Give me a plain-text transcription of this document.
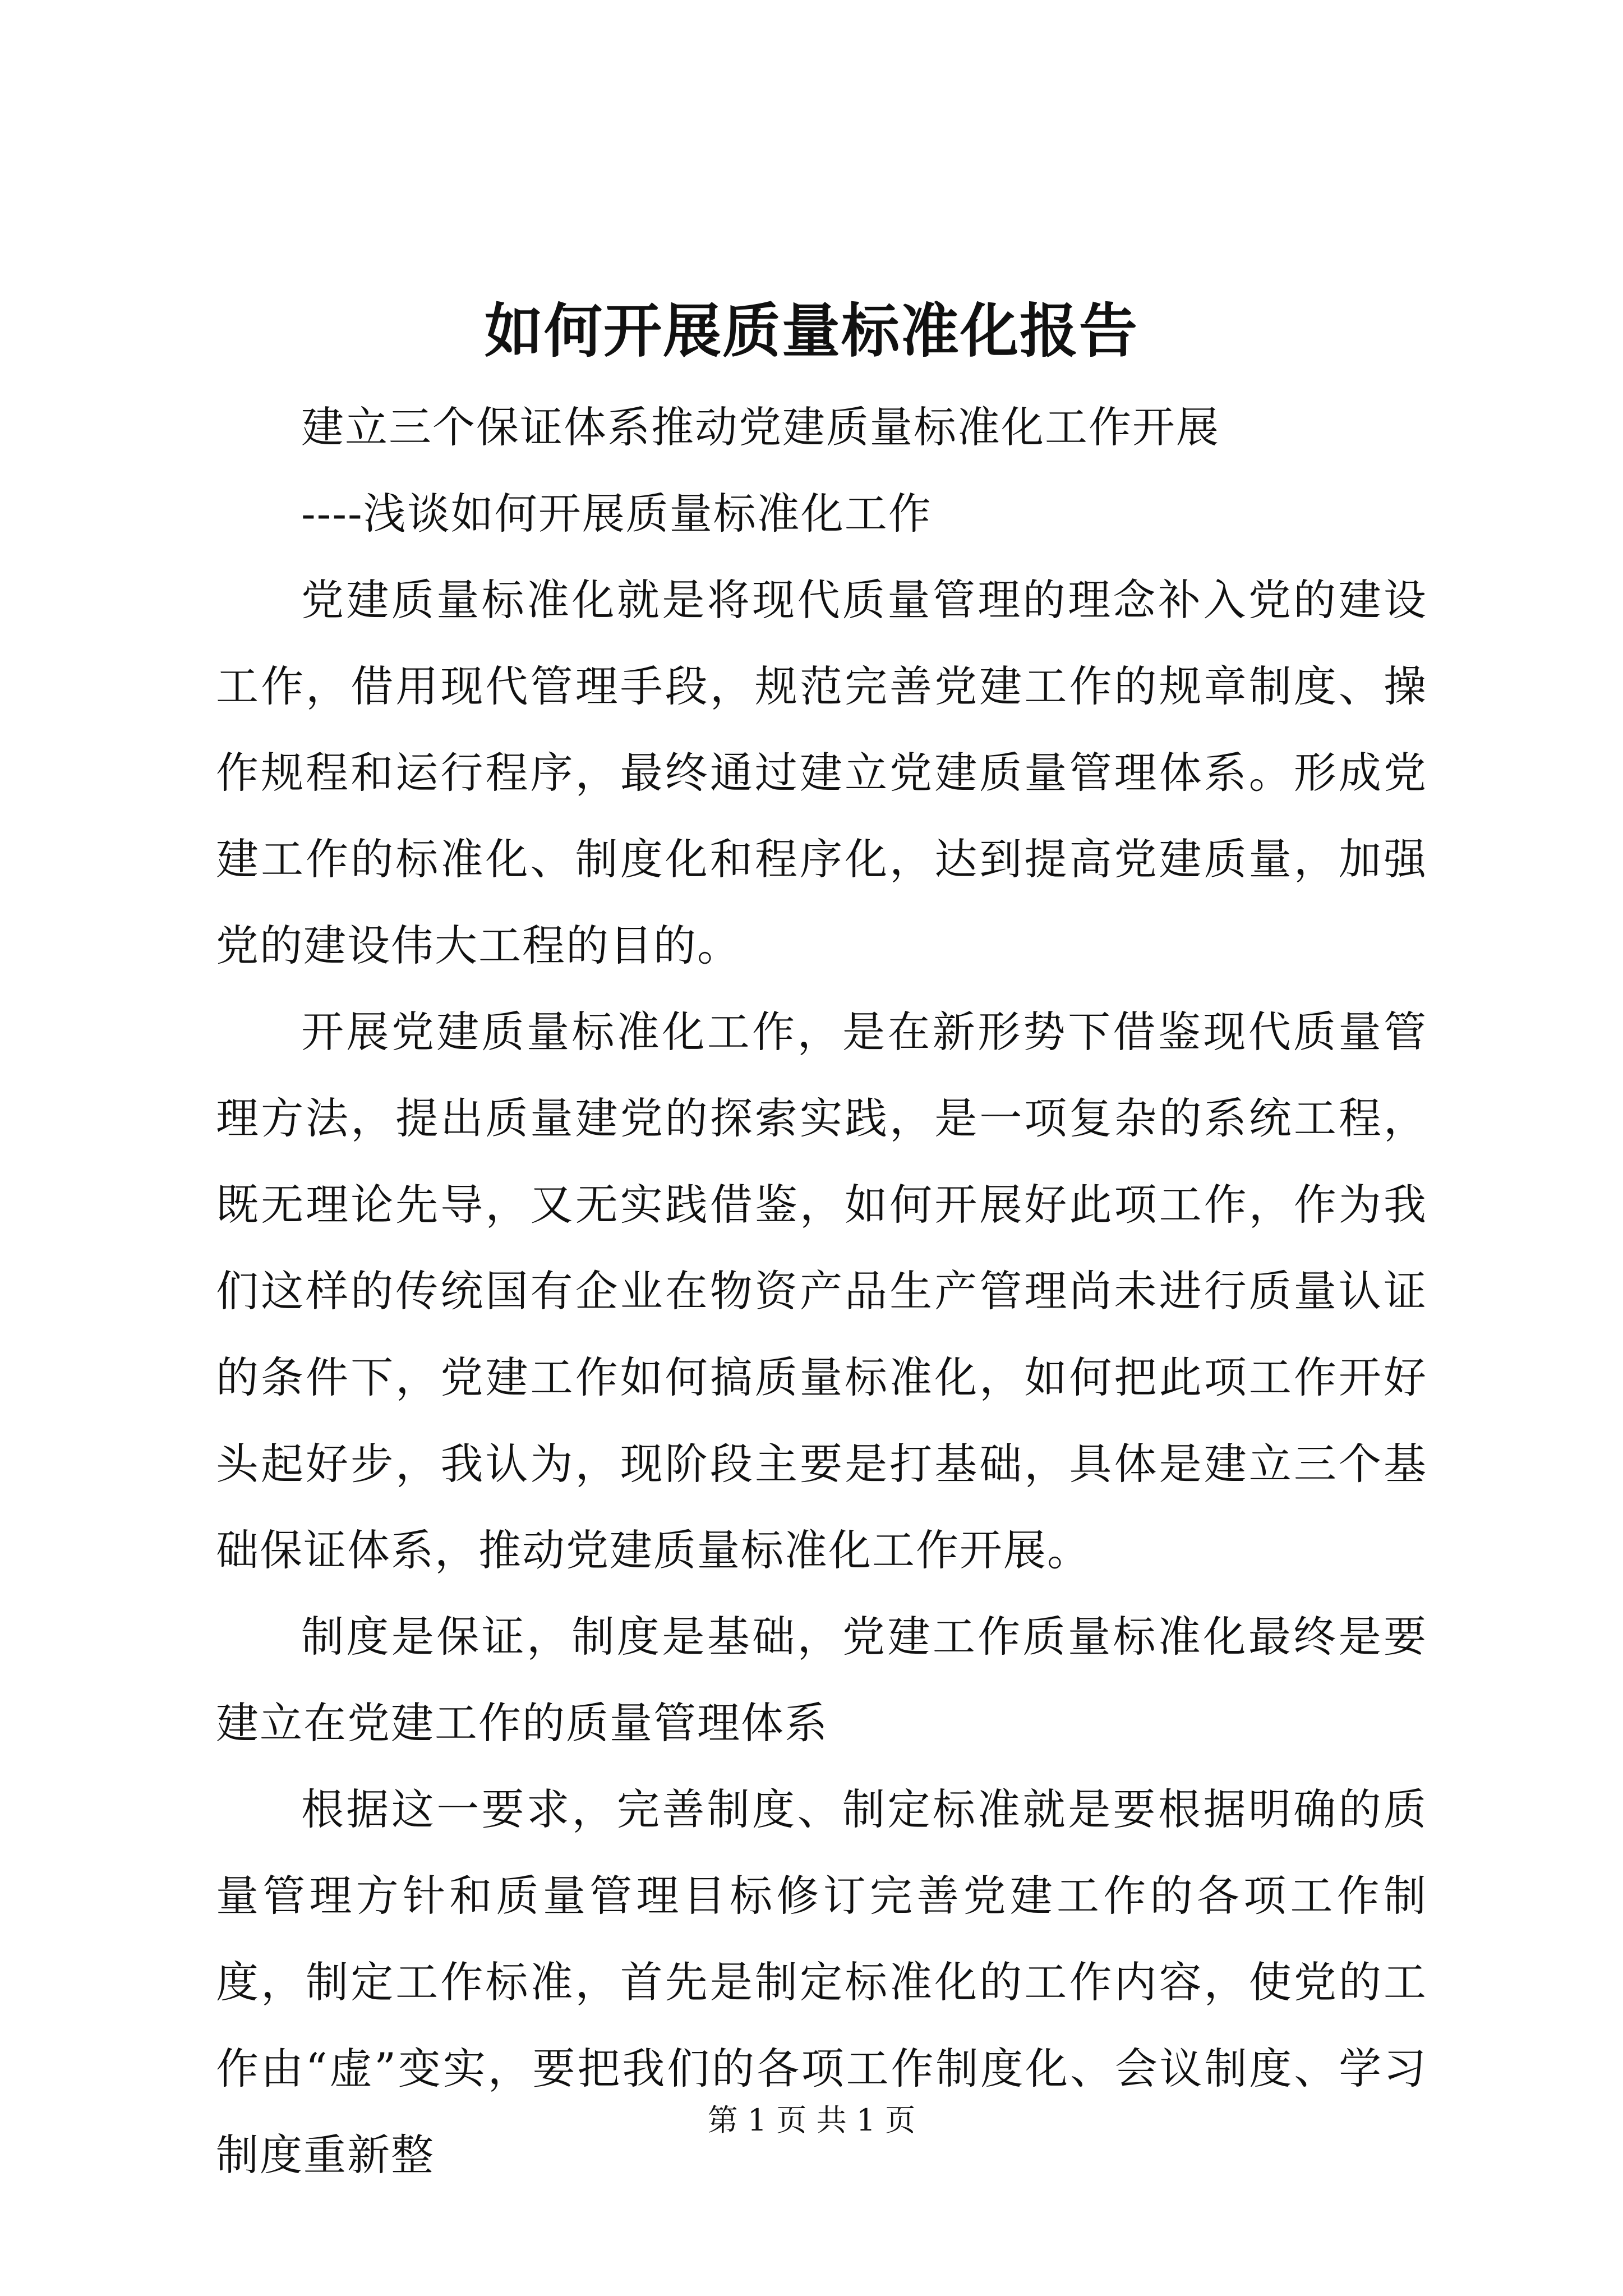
如何开展质量标准化报告

建立三个保证体系推动党建质量标准化工作开展

----浅谈如何开展质量标准化工作

党建质量标准化就是将现代质量管理的理念补入党的建设工作，借用现代管理手段，规范完善党建工作的规章制度、操作规程和运行程序，最终通过建立党建质量管理体系。形成党建工作的标准化、制度化和程序化，达到提高党建质量，加强党的建设伟大工程的目的。

开展党建质量标准化工作，是在新形势下借鉴现代质量管理方法，提出质量建党的探索实践，是一项复杂的系统工程，既无理论先导，又无实践借鉴，如何开展好此项工作，作为我们这样的传统国有企业在物资产品生产管理尚未进行质量认证的条件下，党建工作如何搞质量标准化，如何把此项工作开好头起好步，我认为，现阶段主要是打基础，具体是建立三个基础保证体系，推动党建质量标准化工作开展。

制度是保证，制度是基础，党建工作质量标准化最终是要建立在党建工作的质量管理体系

根据这一要求，完善制度、制定标准就是要根据明确的质量管理方针和质量管理目标修订完善党建工作的各项工作制度，制定工作标准，首先是制定标准化的工作内容，使党的工作由“虚”变实，要把我们的各项工作制度化、会议制度、学习制度重新整

第 1 页 共 1 页
